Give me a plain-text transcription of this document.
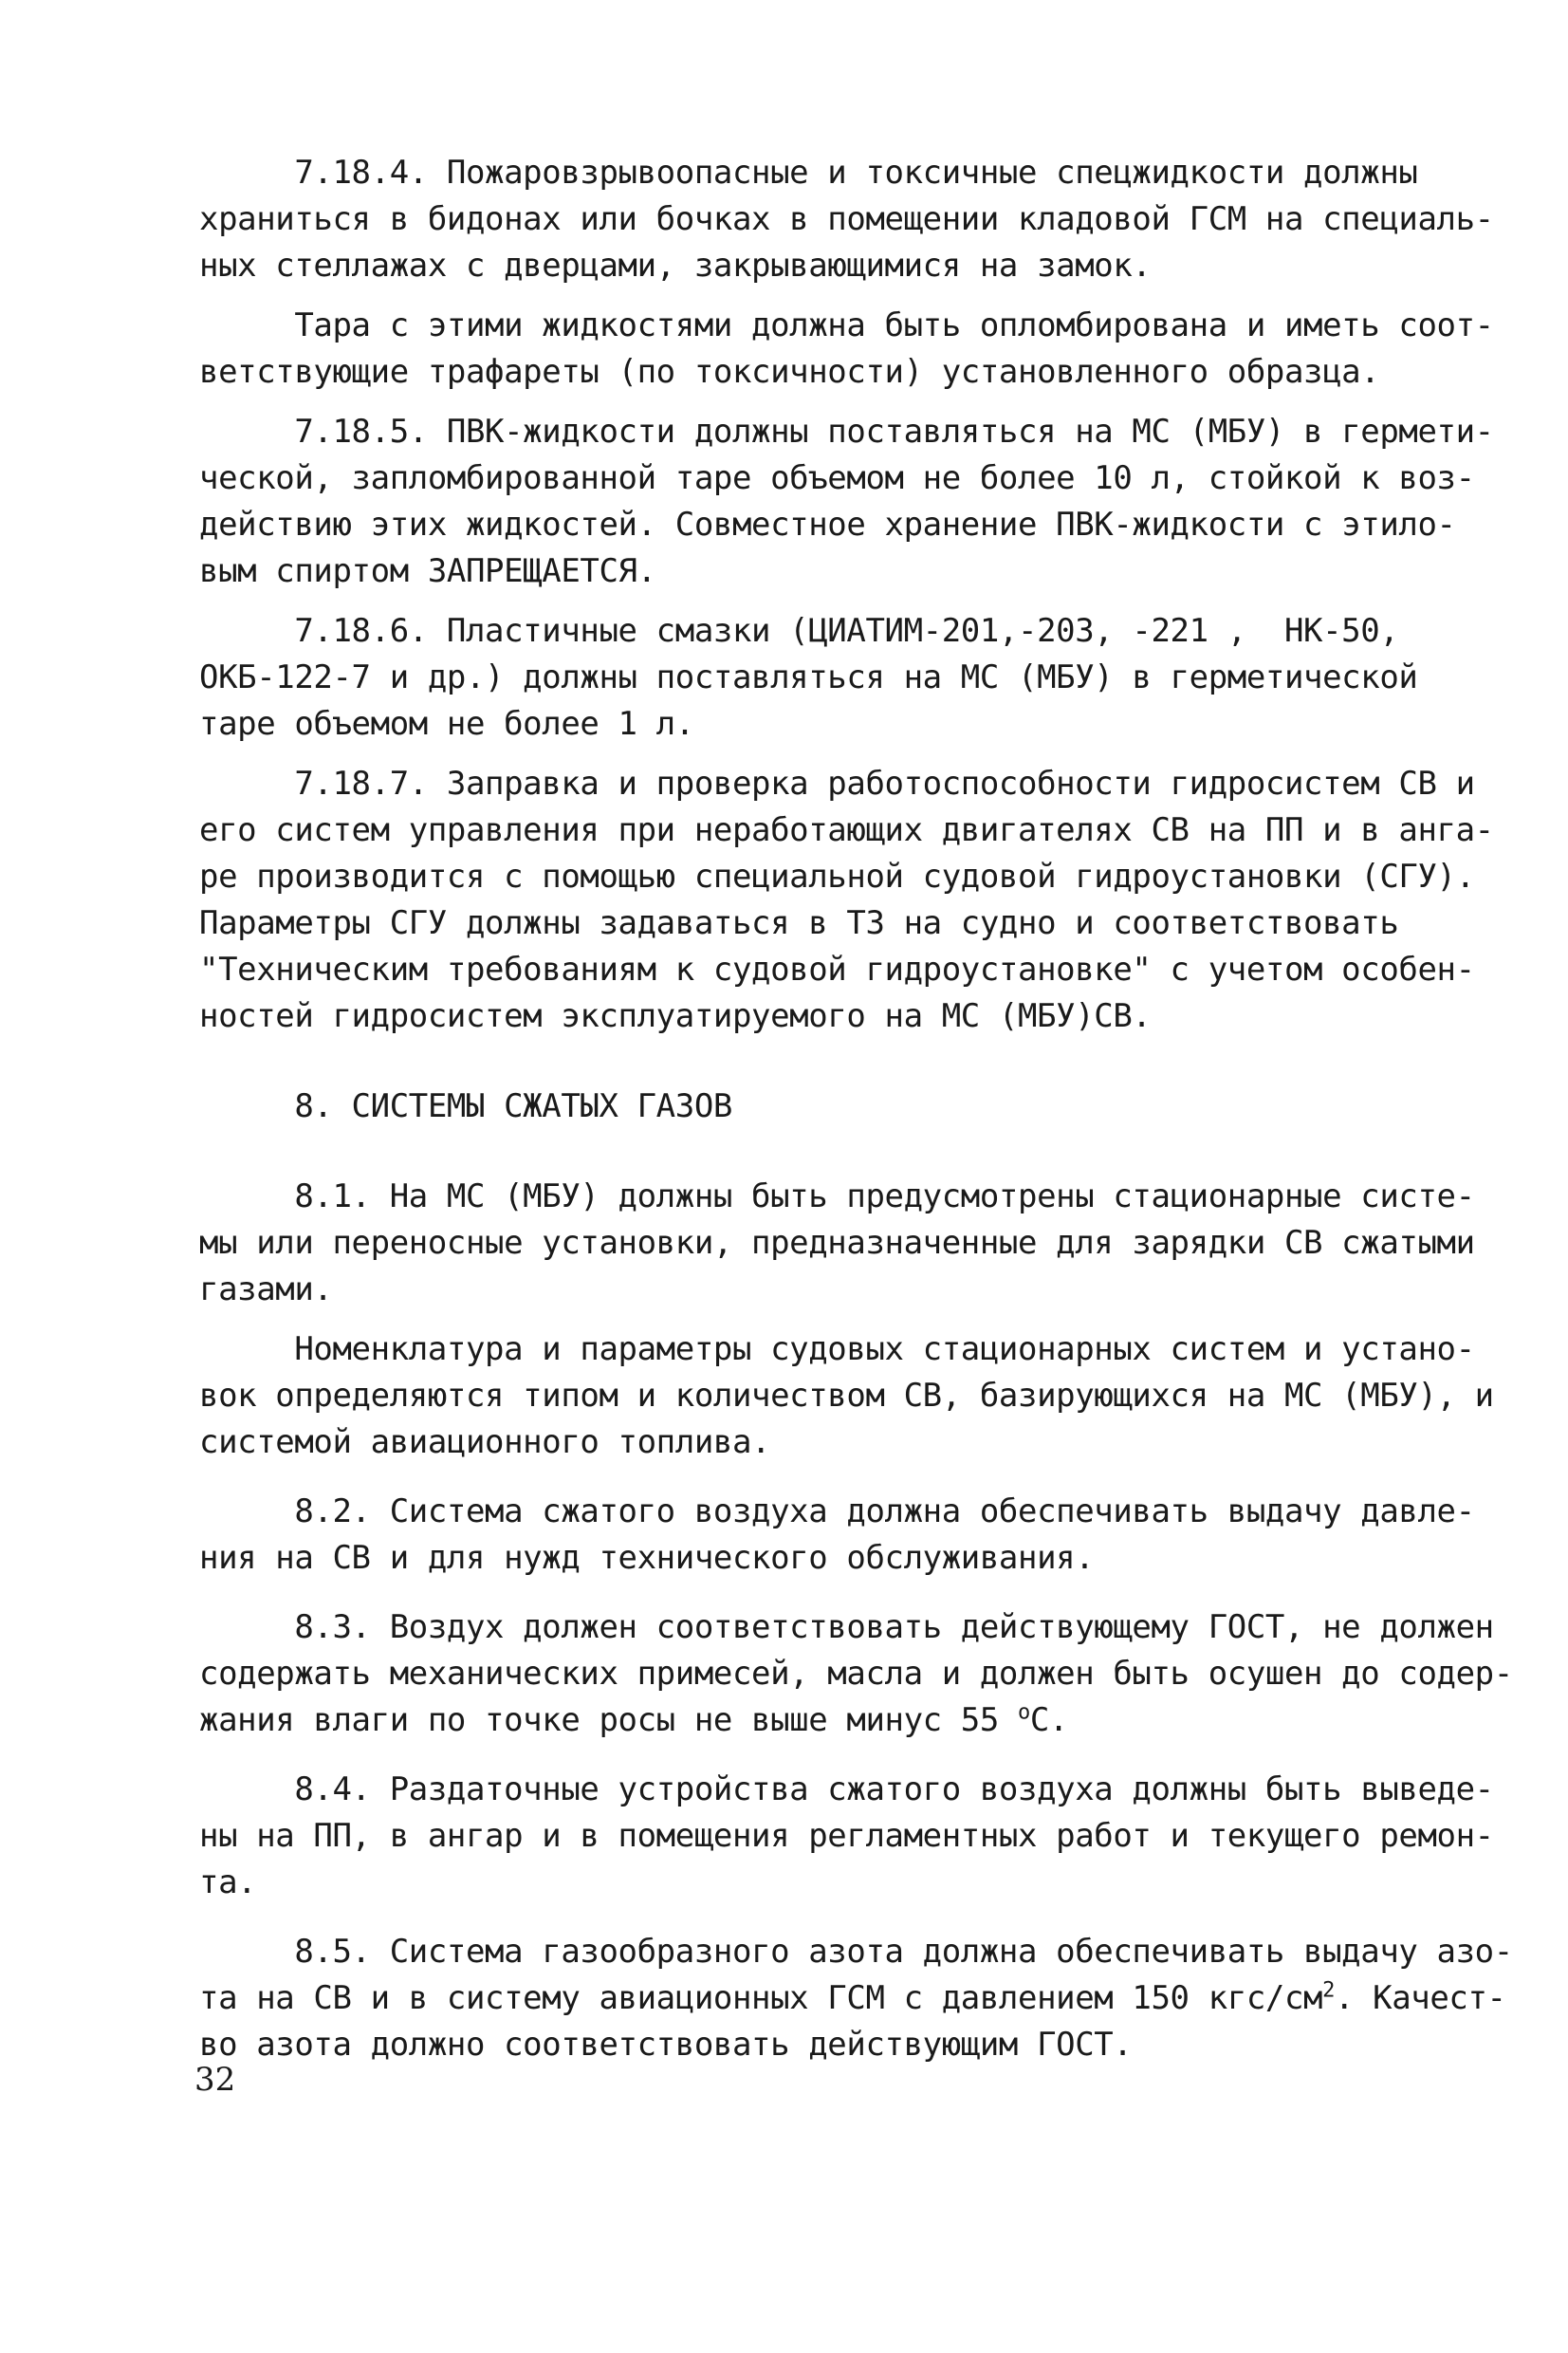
7.18.4. Пожаровзрывоопасные и токсичные спецжидкости должны
храниться в бидонах или бочках в помещении кладовой ГСМ на специаль-
ных стеллажах с дверцами, закрывающимися на замок.
Тара с этими жидкостями должна быть опломбирована и иметь соот-
ветствующие трафареты (по токсичности) установленного образца.
7.18.5. ПВК-жидкости должны поставляться на МС (МБУ) в гермети-
ческой, заплoмбированной таре объемом не более 10 л, стойкой к воз-
действию этих жидкостей. Совместное хранение ПВК-жидкости с этило-
вым спиртом ЗАПРЕЩАЕТСЯ.
7.18.6. Пластичные смазки (ЦИАТИМ-201,-203, -221 ,  НК-50,
ОКБ-122-7 и др.) должны поставляться на МС (МБУ) в герметической
таре объемом не более 1 л.
7.18.7. Заправка и проверка работоспособности гидросистем СВ и
его систем управления при неработающих двигателях СВ на ПП и в анга-
ре производится с помощью специальной судовой гидроустановки (СГУ).
Параметры СГУ должны задаваться в ТЗ на судно и соответствовать
"Техническим требованиям к судовой гидроустановке" с учетом особен-
ностей гидросистем эксплуатируемого на МС (МБУ)СВ.
8. СИСТЕМЫ СЖАТЫХ ГАЗОВ
8.1. На МС (МБУ) должны быть предусмотрены стационарные систе-
мы или переносные установки, предназначенные для зарядки СВ сжатыми
газами.
Номенклатура и параметры судовых стационарных систем и устано-
вок определяются типом и количеством СВ, базирующихся на МС (МБУ), и
системой авиационного топлива.
8.2. Система сжатого воздуха должна обеспечивать выдачу давле-
ния на СВ и для нужд технического обслуживания.
8.3. Воздух должен соответствовать действующему ГОСТ, не должен
содержать механических примесей, масла и должен быть осушен до содер-
жания влаги по точке росы не выше минус 55 $^о$С.
8.4. Раздаточные устройства сжатого воздуха должны быть выведе-
ны на ПП, в ангар и в помещения регламентных работ и текущего ремон-
та.
8.5. Система газообразного азота должна обеспечивать выдачу азо-
та на СВ и в систему авиационных ГСМ с давлением 150 кгс/$см^2$. Качест-
во азота должно соответствовать действующим ГОСТ.
32
